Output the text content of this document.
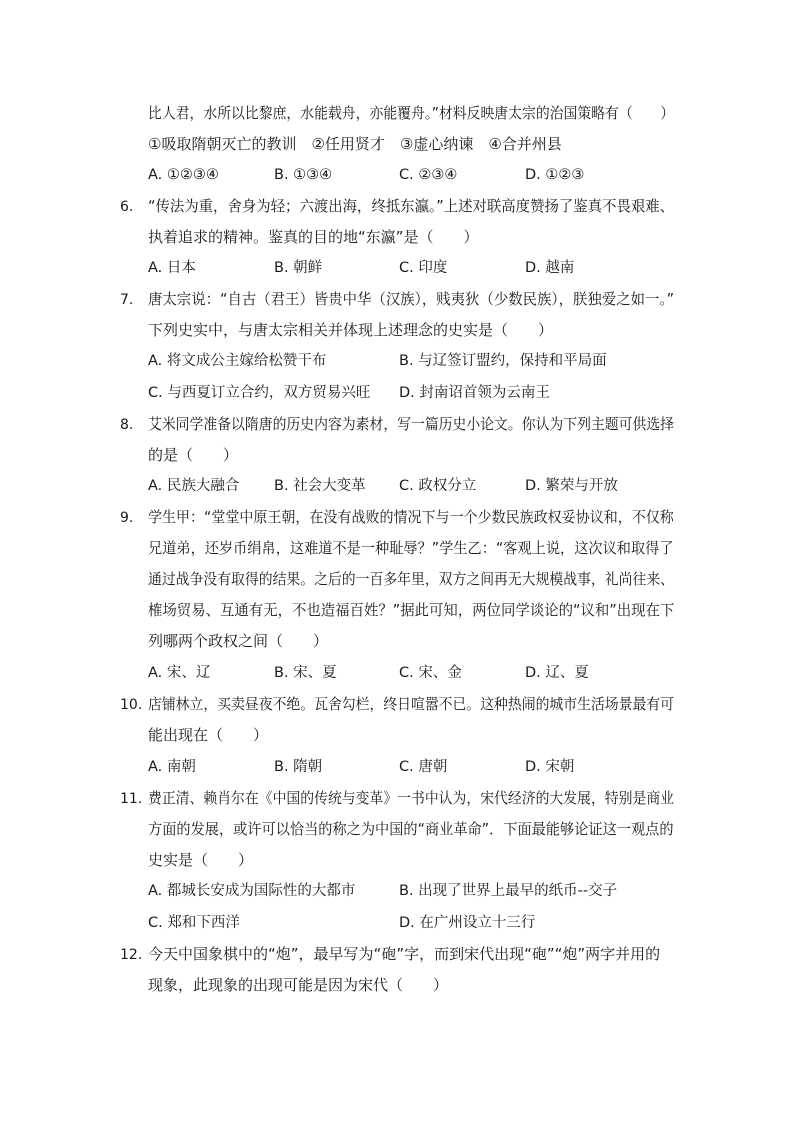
比人君，水所以比黎庶，水能载舟，亦能覆舟。”材料反映唐太宗的治国策略有（　　）
①吸取隋朝灭亡的教训　②任用贤才　③虚心纳谏　④合并州县
A. ①②③④	B. ①③④	C. ②③④	D. ①②③
6. “传法为重，舍身为轻；六渡出海，终抵东瀛。”上述对联高度赞扬了鉴真不畏艰难、
执着追求的精神。鉴真的目的地“东瀛”是（　　）
A. 日本	B. 朝鲜	C. 印度	D. 越南
7. 唐太宗说：“自古（君王）皆贵中华（汉族），贱夷狄（少数民族），朕独爱之如一。”
下列史实中，与唐太宗相关并体现上述理念的史实是（　　）
A. 将文成公主嫁给松赞干布	B. 与辽签订盟约，保持和平局面
C. 与西夏订立合约，双方贸易兴旺 D. 封南诏首领为云南王
8. 艾米同学准备以隋唐的历史内容为素材，写一篇历史小论文。你认为下列主题可供选择
的是（　　）
A. 民族大融合 B. 社会大变革 C. 政权分立	D. 繁荣与开放
9. 学生甲：“堂堂中原王朝，在没有战败的情况下与一个少数民族政权妥协议和，不仅称
兄道弟，还岁币绢帛，这难道不是一种耻辱？”学生乙：“客观上说，这次议和取得了
通过战争没有取得的结果。之后的一百多年里，双方之间再无大规模战事，礼尚往来、
榷场贸易、互通有无，不也造福百姓？”据此可知，两位同学谈论的“议和”出现在下
列哪两个政权之间（　　）
A. 宋、辽	B. 宋、夏	C. 宋、金	D. 辽、夏
10. 店铺林立，买卖昼夜不绝。瓦舍勾栏，终日喧嚣不已。这种热闹的城市生活场景最有可
能出现在（　　）
A. 南朝	B. 隋朝	C. 唐朝	D. 宋朝
11. 费正清、赖肖尔在《中国的传统与变革》一书中认为，宋代经济的大发展，特别是商业
方面的发展，或许可以恰当的称之为中国的“商业革命”．下面最能够论证这一观点的
史实是（　　）
A. 都城长安成为国际性的大都市	B. 出现了世界上最早的纸币--交子
C. 郑和下西洋	D. 在广州设立十三行
12. 今天中国象棋中的“炮”，最早写为“砲”字，而到宋代出现“砲”“炮”两字并用的
现象，此现象的出现可能是因为宋代（　　）
